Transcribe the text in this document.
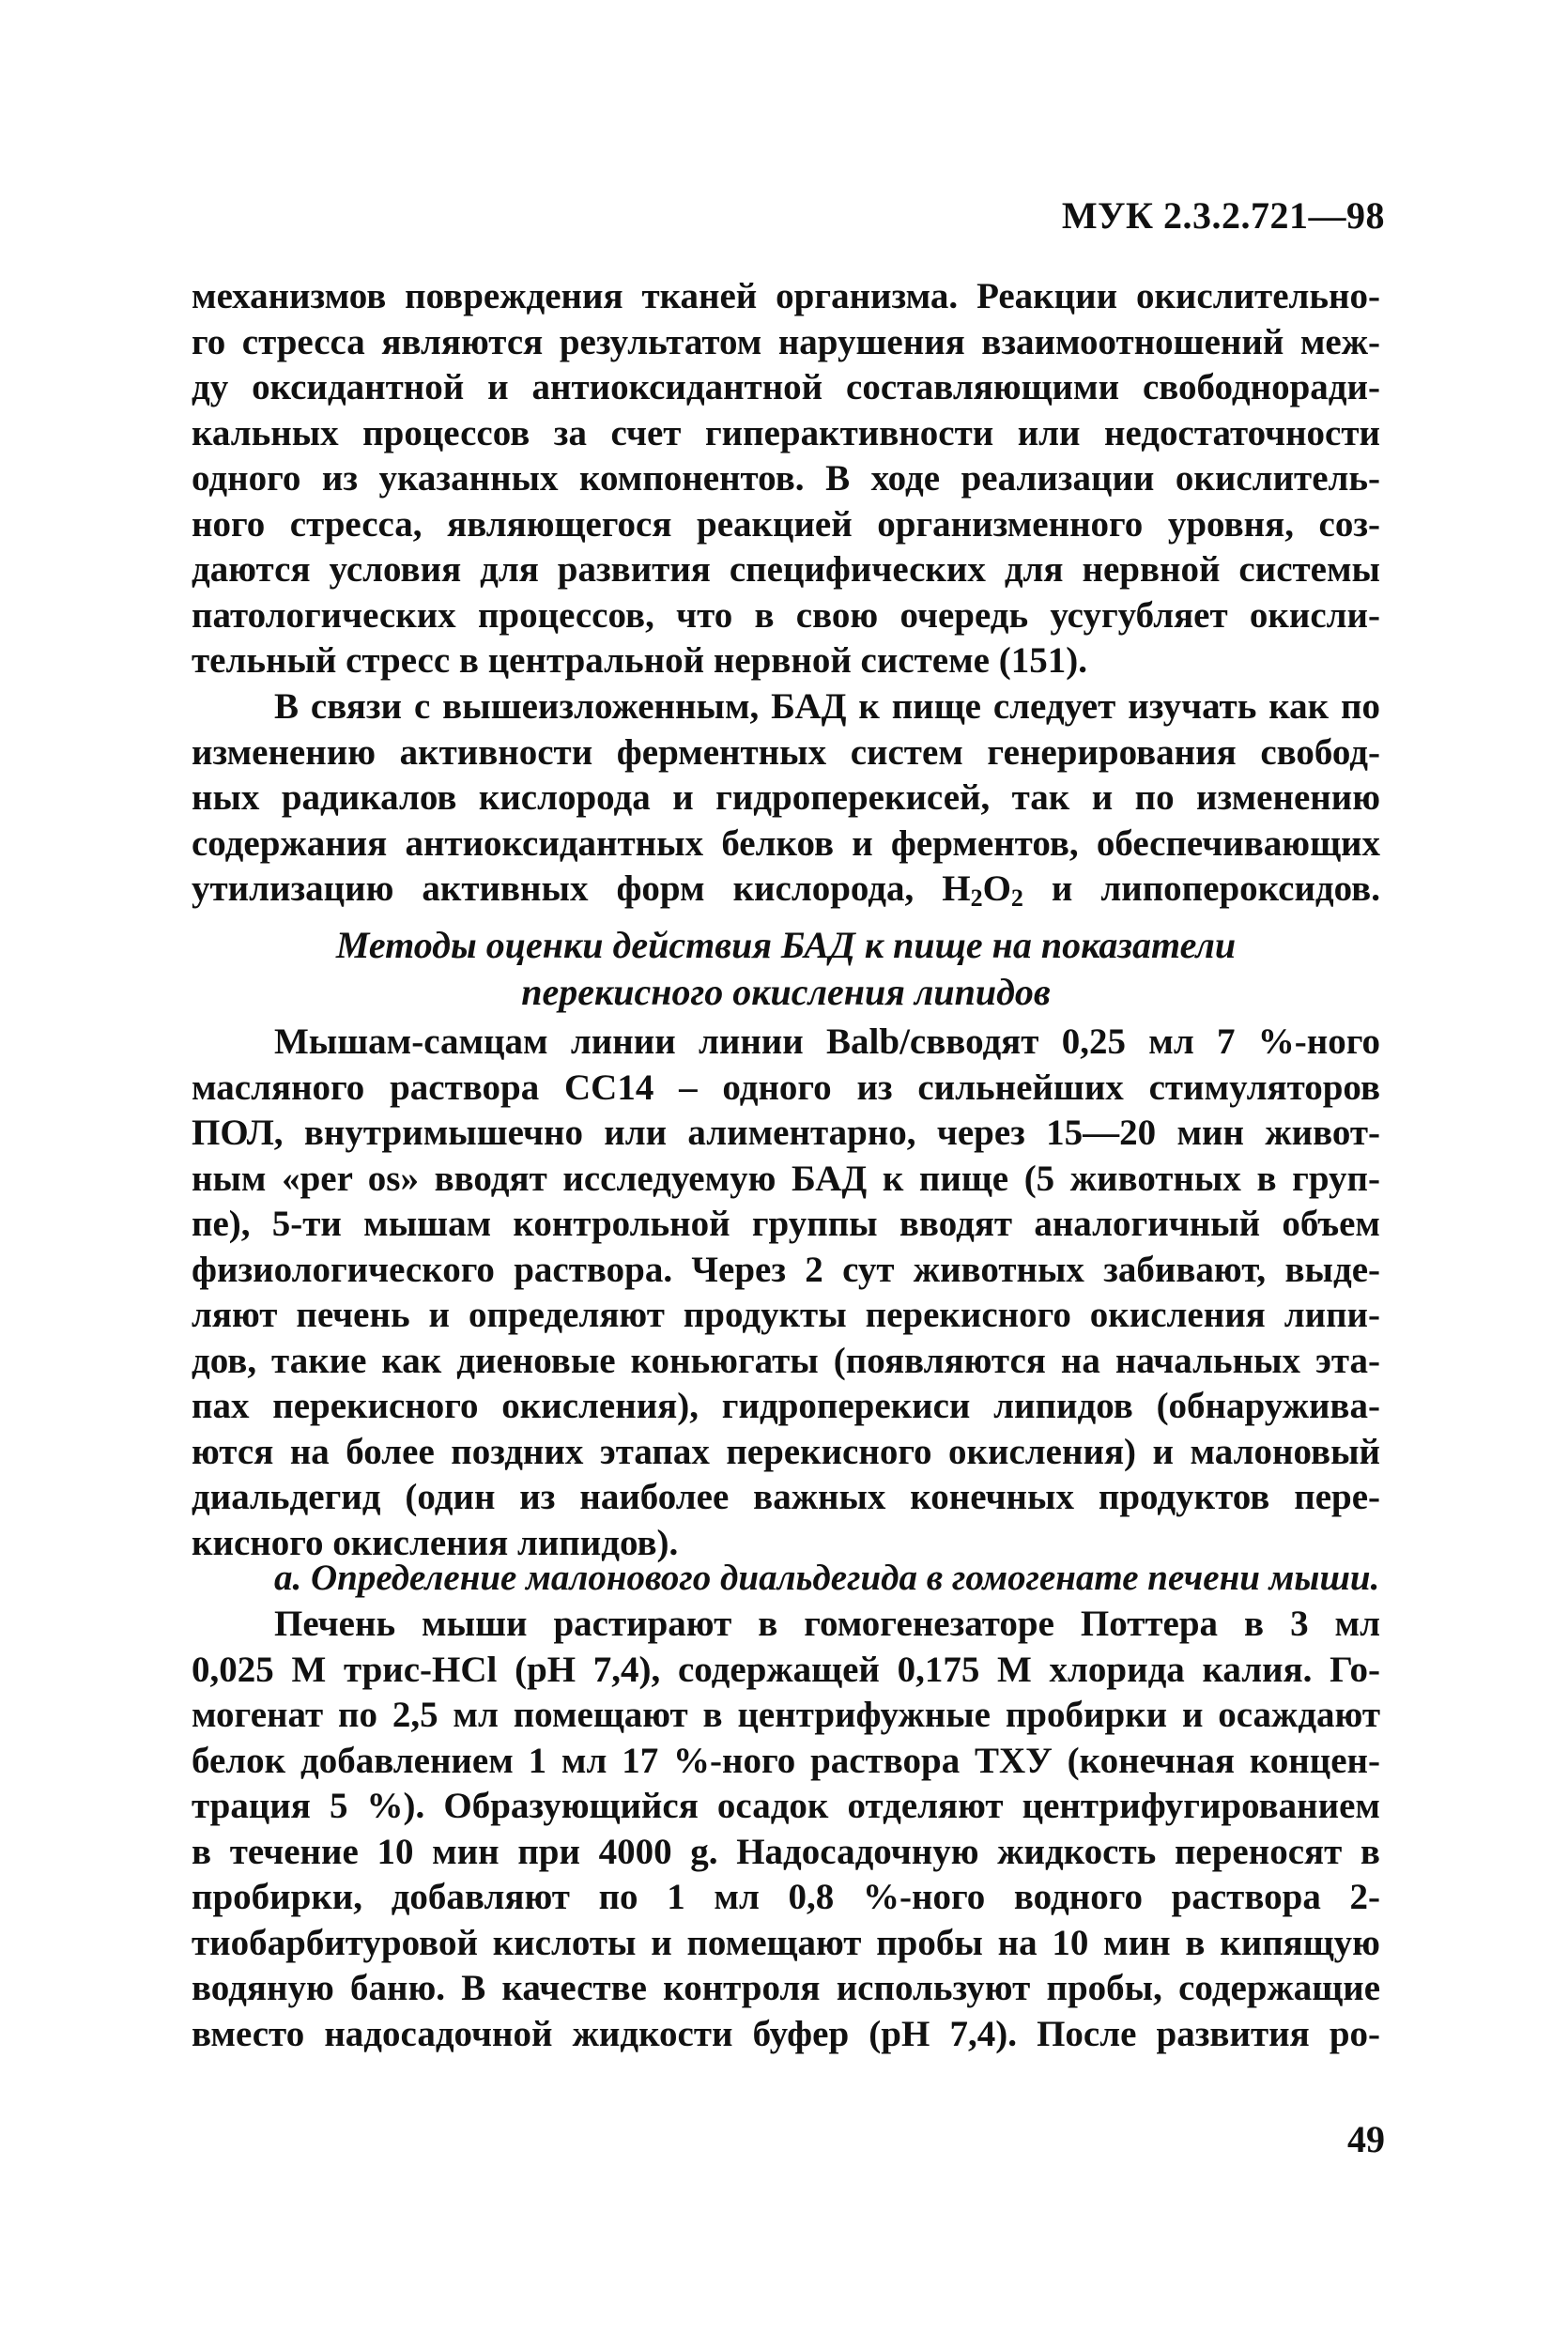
МУК 2.3.2.721—98
механизмов повреждения тканей организма. Реакции окислительно-
го стресса являются результатом нарушения взаимоотношений меж-
ду оксидантной и антиоксидантной составляющими свободноради-
кальных процессов за счет гиперактивности или недостаточности
одного из указанных компонентов. В ходе реализации окислитель-
ного стресса, являющегося реакцией организменного уровня, соз-
даются условия для развития специфических для нервной системы
патологических процессов, что в свою очередь усугубляет окисли-
тельный стресс в центральной нервной системе (151).
В связи с вышеизложенным, БАД к пище следует изучать как по
изменению активности ферментных систем генерирования свобод-
ных радикалов кислорода и гидроперекисей, так и по изменению
содержания антиоксидантных белков и ферментов, обеспечивающих
утилизацию активных форм кислорода, $Н_2О_2$ и липопероксидов.
Методы оценки действия БАД к пище на показатели
перекисного окисления липидов
Мышам-самцам линии линии Balb/cвводят 0,25 мл 7 %-ного
масляного раствора СС14 – одного из сильнейших стимуляторов
ПОЛ, внутримышечно или алиментарно, через 15—20 мин живот-
ным «per os» вводят исследуемую БАД к пище (5 животных в груп-
пе), 5-ти мышам контрольной группы вводят аналогичный объем
физиологического раствора. Через 2 сут животных забивают, выде-
ляют печень и определяют продукты перекисного окисления липи-
дов, такие как диеновые коньюгаты (появляются на начальных эта-
пах перекисного окисления), гидроперекиси липидов (обнаружива-
ются на более поздних этапах перекисного окисления) и малоновый
диальдегид (один из наиболее важных конечных продуктов пере-
кисного окисления липидов).
а. Определение малонового диальдегида в гомогенате печени мыши.
Печень мыши растирают в гомогенезаторе Поттера в 3 мл
0,025 М трис-HCl (рН 7,4), содержащей 0,175 М хлорида калия. Го-
могенат по 2,5 мл помещают в центрифужные пробирки и осаждают
белок добавлением 1 мл 17 %-ного раствора ТХУ (конечная концен-
трация 5 %). Образующийся осадок отделяют центрифугированием
в течение 10 мин при 4000 g. Надосадочную жидкость переносят в
пробирки, добавляют по 1 мл 0,8 %-ного водного раствора 2-
тиобарбитуровой кислоты и помещают пробы на 10 мин в кипящую
водяную баню. В качестве контроля используют пробы, содержащие
вместо надосадочной жидкости буфер (рН 7,4). После развития ро-
49
